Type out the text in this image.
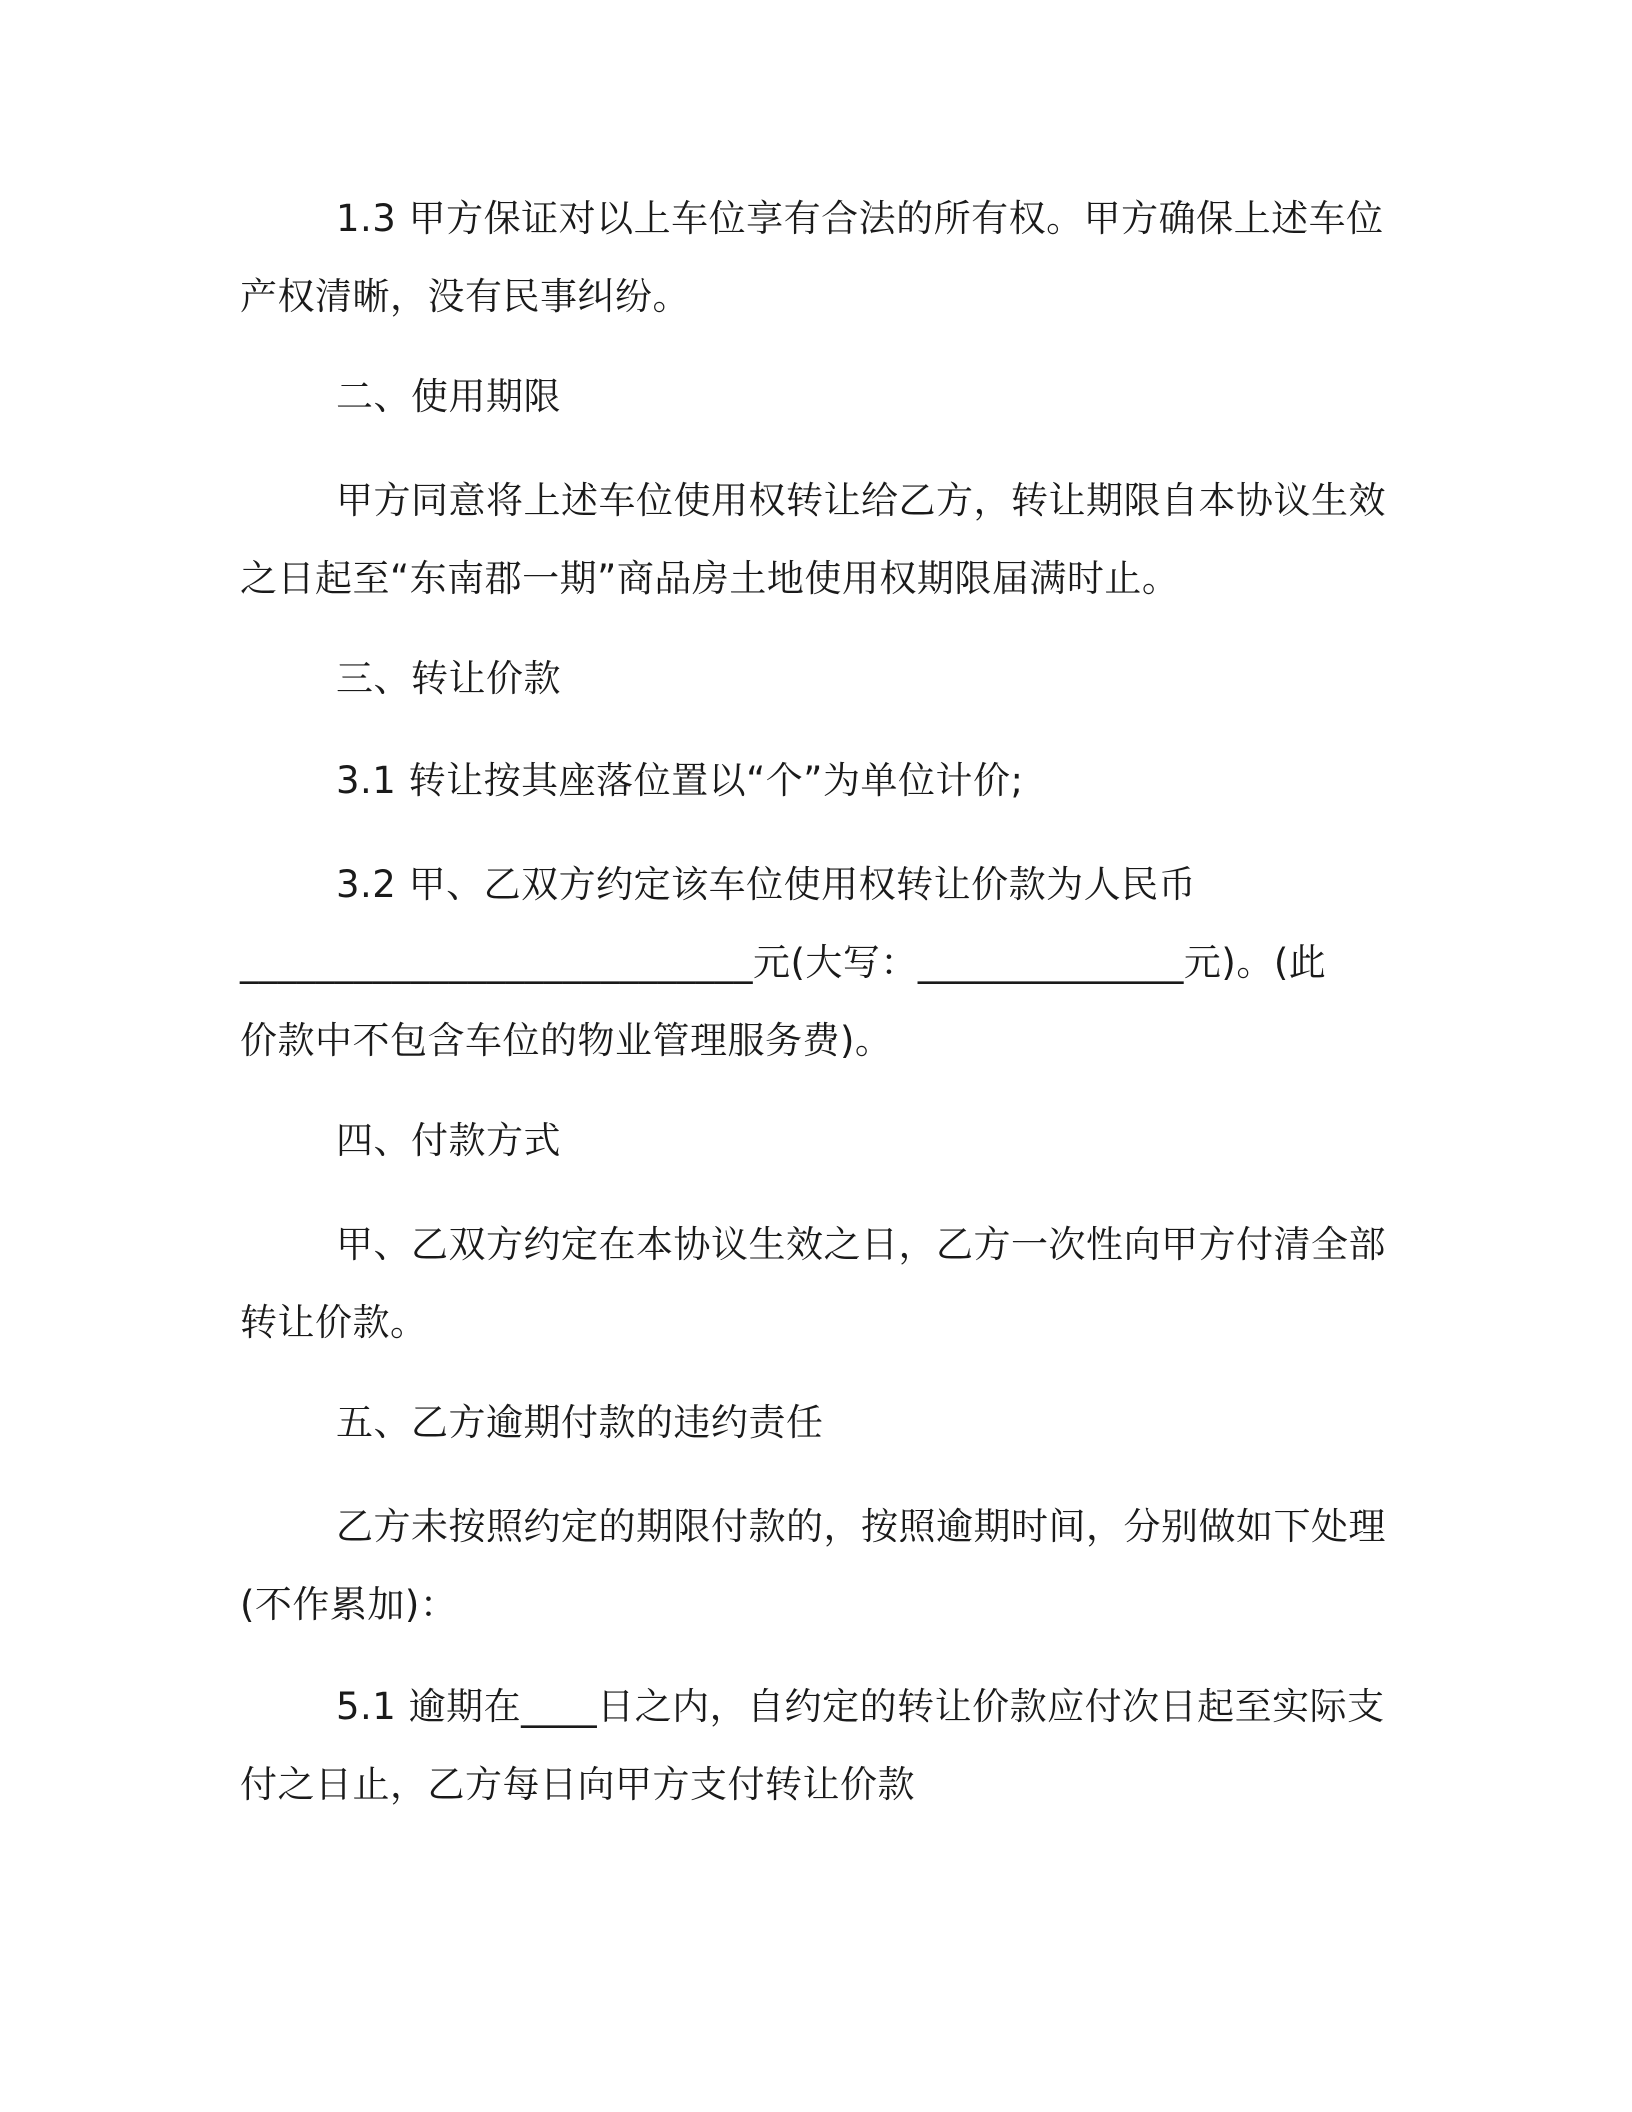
1.3 甲方保证对以上车位享有合法的所有权。甲方确保上述车位
产权清晰，没有民事纠纷。
二、使用期限
甲方同意将上述车位使用权转让给乙方，转让期限自本协议生效
之日起至“东南郡一期”商品房土地使用权期限届满时止。
三、转让价款
3.1 转让按其座落位置以“个”为单位计价;
3.2 甲、乙双方约定该车位使用权转让价款为人民币
___________________________元(大写：______________元)。(此
价款中不包含车位的物业管理服务费)。
四、付款方式
甲、乙双方约定在本协议生效之日，乙方一次性向甲方付清全部
转让价款。
五、乙方逾期付款的违约责任
乙方未按照约定的期限付款的，按照逾期时间，分别做如下处理
(不作累加)：
5.1 逾期在____日之内，自约定的转让价款应付次日起至实际支
付之日止，乙方每日向甲方支付转让价款
